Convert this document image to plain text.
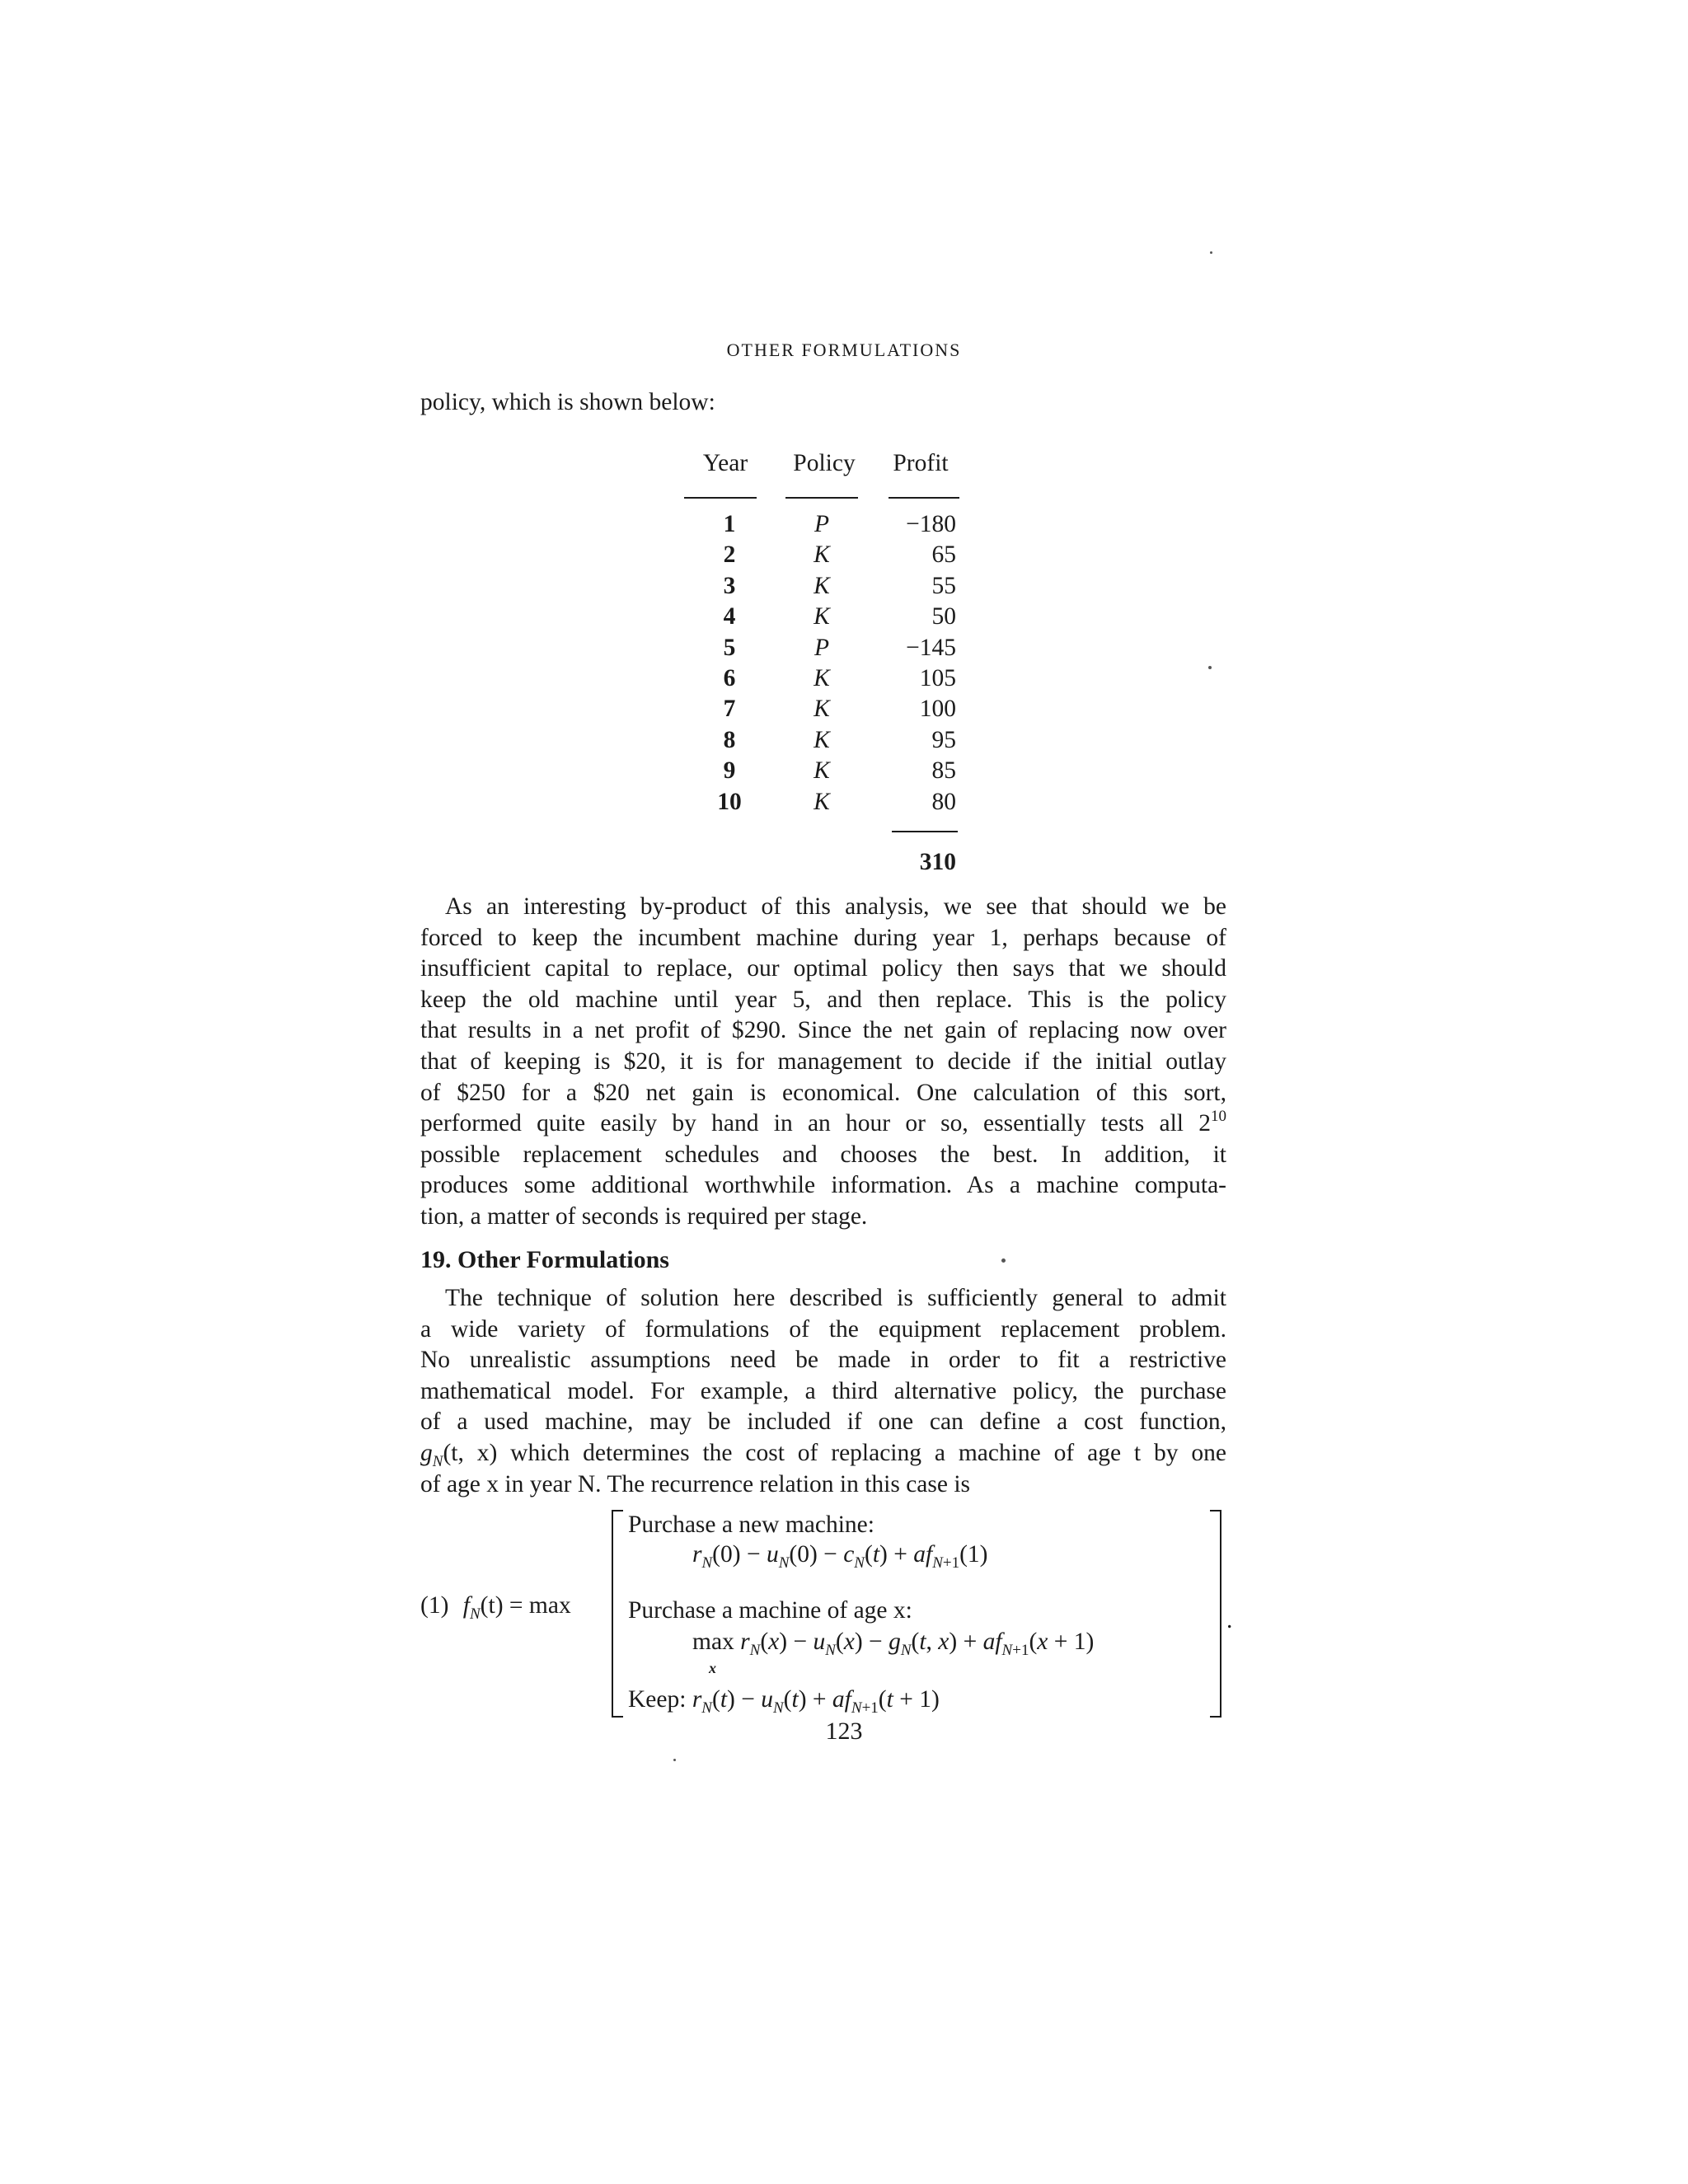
OTHER FORMULATIONS
policy, which is shown below:
Year	Policy	Profit
1
2
3
4
5
6
7
8
9
10
P
K
K
K
P
K
K
K
K
K
−180
65
55
50
−145
105
100
95
85
80
310
As an interesting by-product of this analysis, we see that should we be
forced to keep the incumbent machine during year 1, perhaps because of
insufficient capital to replace, our optimal policy then says that we should
keep the old machine until year 5, and then replace. This is the policy
that results in a net profit of $290. Since the net gain of replacing now over
that of keeping is $20, it is for management to decide if the initial outlay
of $250 for a $20 net gain is economical. One calculation of this sort,
performed quite easily by hand in an hour or so, essentially tests all $2^{10}$
possible replacement schedules and chooses the best. In addition, it
produces some additional worthwhile information. As a machine computa-
tion, a matter of seconds is required per stage.
19. Other Formulations
The technique of solution here described is sufficiently general to admit
a wide variety of formulations of the equipment replacement problem.
No unrealistic assumptions need be made in order to fit a restrictive
mathematical model. For example, a third alternative policy, the purchase
of a used machine, may be included if one can define a cost function,
$g_N(t$, x) which determines the cost of replacing a machine of age t by one
of age x in year N. The recurrence relation in this case is
(1) $f_N(t) = \max$
Purchase a new machine:
$r_N(0) - u_N(0) - c_N(t) + af_{N+1}(1)$
Purchase a machine of age x:
$\max r_N(x) - u_N(x) - g_N(t$, $x) + af_{N+1}(x + 1)$
x
Keep: $r_N(t) - u_N(t) + af_{N+1}(t + 1)$
.
123
